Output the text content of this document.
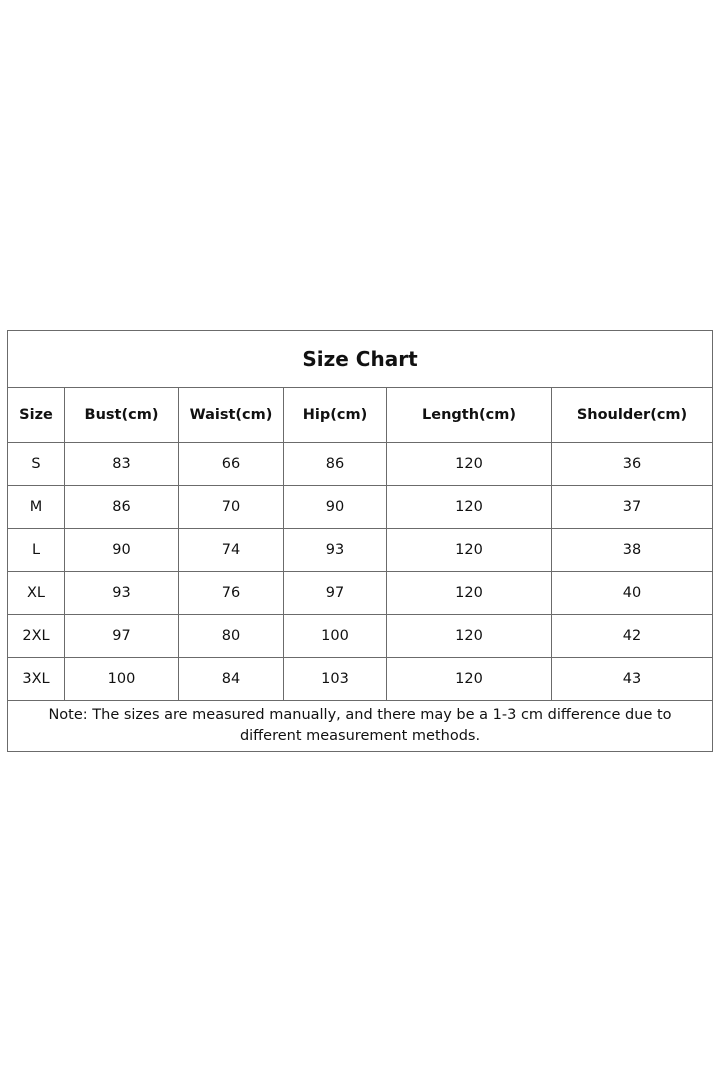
Size Chart					
Size	Bust(cm)	Waist(cm)	Hip(cm)	Length(cm)	Shoulder(cm)
S	83	66	86	120	36
M	86	70	90	120	37
L	90	74	93	120	38
XL	93	76	97	120	40
2XL	97	80	100	120	42
3XL	100	84	103	120	43
Note: The sizes are measured manually, and there may be a 1-3 cm difference due to different measurement methods.					
